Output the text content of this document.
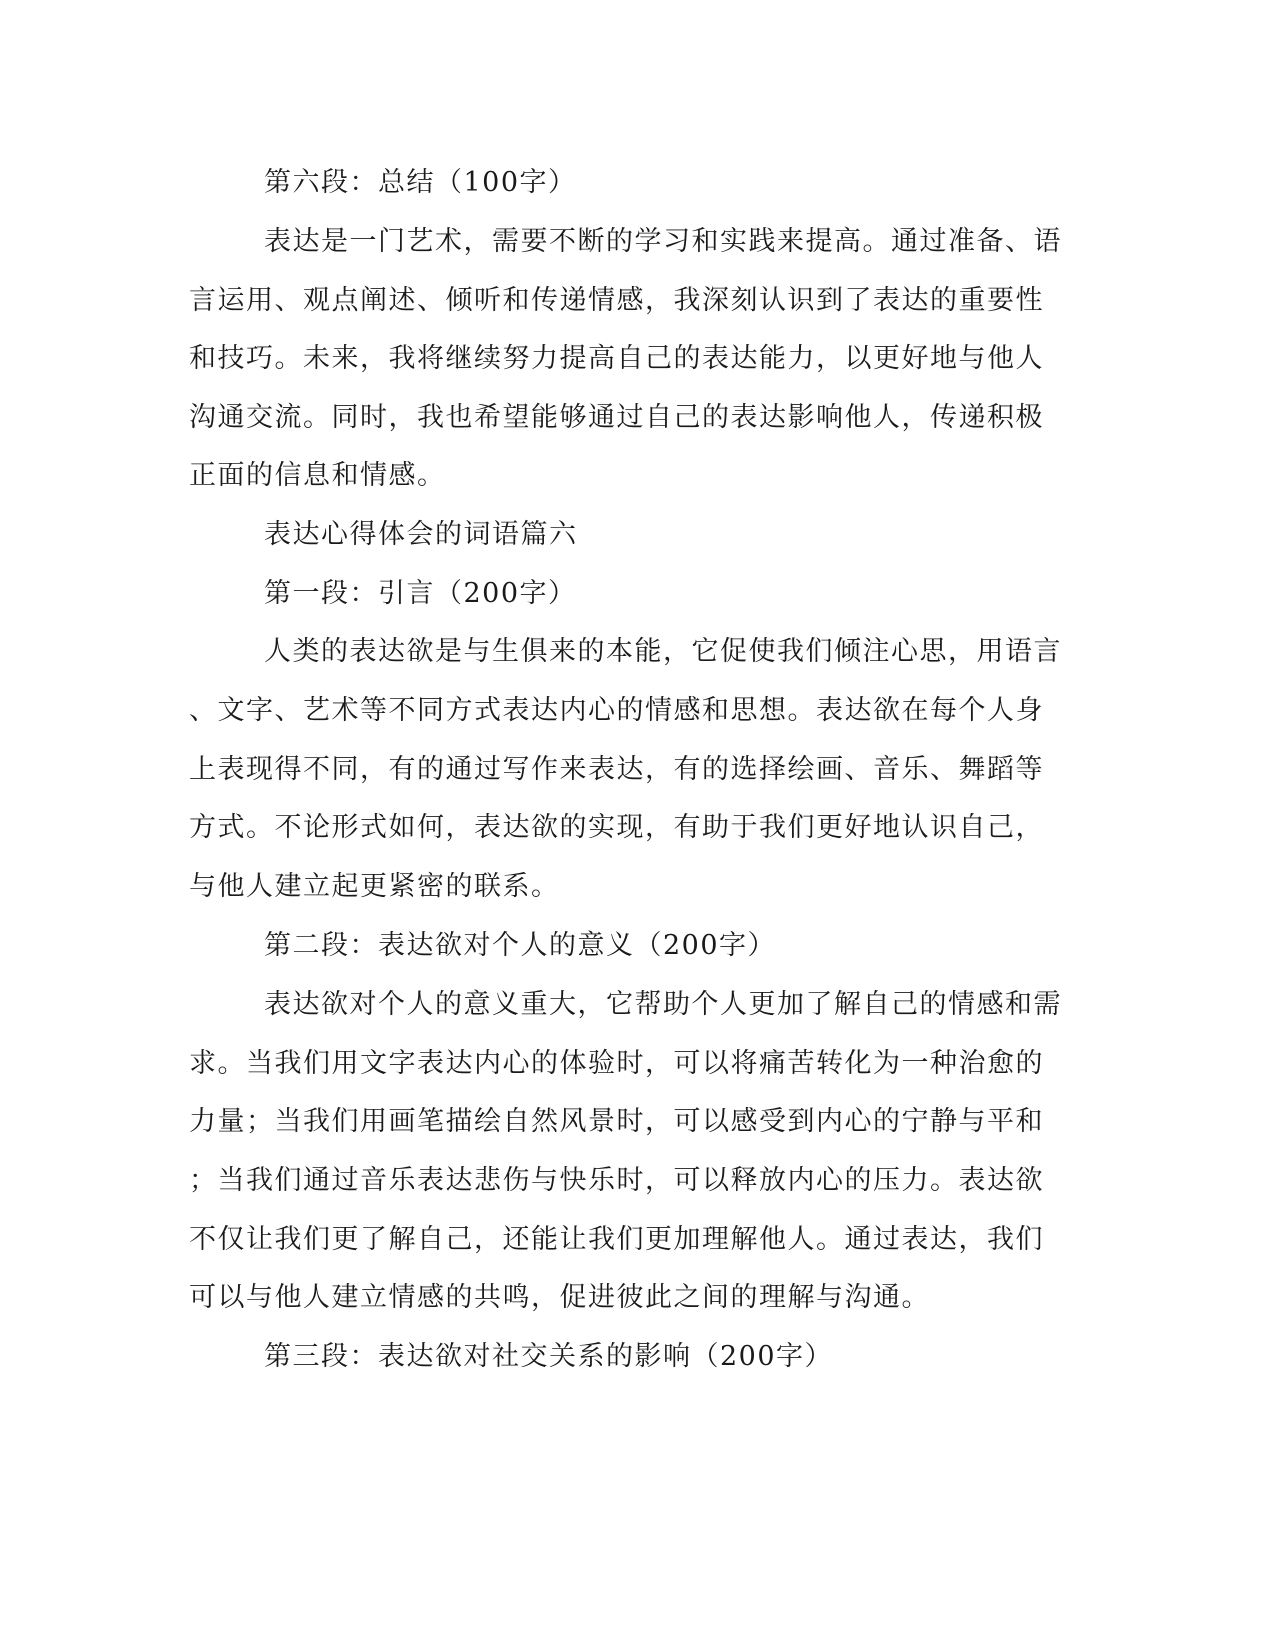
第六段：总结（100字）
表达是一门艺术，需要不断的学习和实践来提高。通过准备、语
言运用、观点阐述、倾听和传递情感，我深刻认识到了表达的重要性
和技巧。未来，我将继续努力提高自己的表达能力，以更好地与他人
沟通交流。同时，我也希望能够通过自己的表达影响他人，传递积极
正面的信息和情感。
表达心得体会的词语篇六
第一段：引言（200字）
人类的表达欲是与生俱来的本能，它促使我们倾注心思，用语言
、文字、艺术等不同方式表达内心的情感和思想。表达欲在每个人身
上表现得不同，有的通过写作来表达，有的选择绘画、音乐、舞蹈等
方式。不论形式如何，表达欲的实现，有助于我们更好地认识自己，
与他人建立起更紧密的联系。
第二段：表达欲对个人的意义（200字）
表达欲对个人的意义重大，它帮助个人更加了解自己的情感和需
求。当我们用文字表达内心的体验时，可以将痛苦转化为一种治愈的
力量；当我们用画笔描绘自然风景时，可以感受到内心的宁静与平和
；当我们通过音乐表达悲伤与快乐时，可以释放内心的压力。表达欲
不仅让我们更了解自己，还能让我们更加理解他人。通过表达，我们
可以与他人建立情感的共鸣，促进彼此之间的理解与沟通。
第三段：表达欲对社交关系的影响（200字）
